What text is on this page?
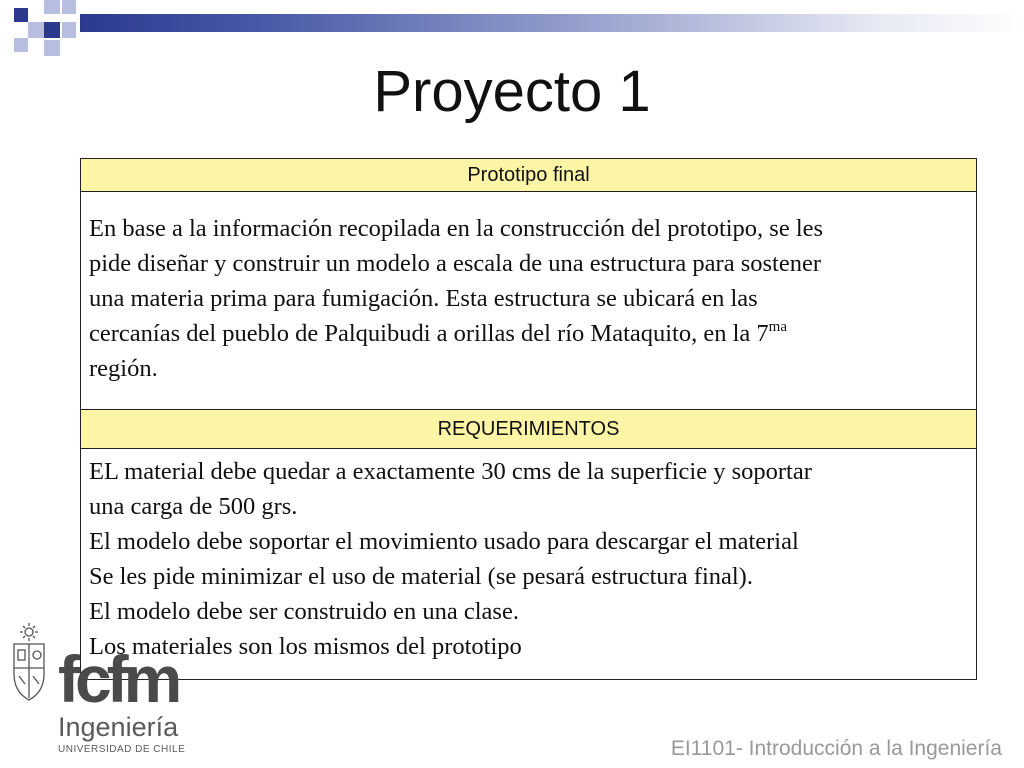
Proyecto 1
Prototipo final

En base a la información recopilada en la construcción del prototipo, se les
pide diseñar y construir un modelo a escala de una estructura para sostener
una materia prima para fumigación. Esta estructura se ubicará en las
cercanías del pueblo de Palquibudi a orillas del río Mataquito, en la $7^{ma}$
región.

REQUERIMIENTOS

EL material debe quedar a exactamente 30 cms de la superficie y soportar
una carga de 500 grs.
El modelo debe soportar el movimiento usado para descargar el material
Se les pide minimizar el uso de material (se pesará estructura final).
El modelo debe ser construido en una clase.
Los materiales son los mismos del prototipo
fcfm
Ingeniería
UNIVERSIDAD DE CHILE	EI1101- Introducción a la Ingeniería
